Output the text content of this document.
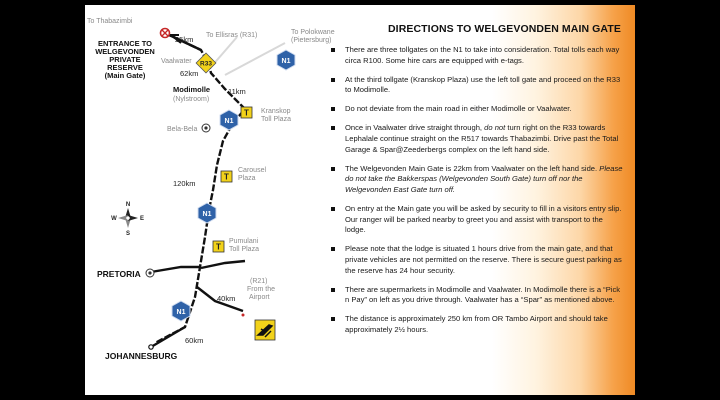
R33	N1
N1
N1
N1
T
T
T
N
S
W	E
To Thabazimbi
To Ellisras (R31)	To Polokwane
(Pietersburg)
25km
ENTRANCE TO
WELGEVONDEN
PRIVATE
RESERVE
(Main Gate)
Vaalwater
62km
Modimolle
(Nylstroom)
11km
Kranskop
Toll Plaza
Bela-Bela
Carousel
Plaza
120km
Pumulani
Toll Plaza
PRETORIA
(R21)
From the
Airport
40km
60km
JOHANNESBURG
DIRECTIONS TO WELGEVONDEN MAIN GATE
There are three tollgates on the N1 to take into consideration. Total tolls each way circa R100. Some hire cars are equipped with e-tags.
At the third tollgate (Kranskop Plaza) use the left toll gate and proceed on the R33 to Modimolle.
Do not deviate from the main road in either Modimolle or Vaalwater.
Once in Vaalwater drive straight through, do not turn right on the R33 towards Lephalale continue straight on the R517 towards Thabazimbi. Drive past the Total Garage & Spar@Zeederbergs complex on the left hand side.
The Welgevonden Main Gate is 22km from Vaalwater on the left hand side. Please do not take the Bakkerspas (Welgevonden South Gate) turn off nor the Welgevonden East Gate turn off.
On entry at the Main gate you will be asked by security to fill in a visitors entry slip. Our ranger will be parked nearby to greet you and assist with transport to the lodge.
Please note that the lodge is situated 1 hours drive from the main gate, and that private vehicles are not permitted on the reserve. There is secure guest parking as the reserve has 24 hour security.
There are supermarkets in Modimolle and Vaalwater. In Modimolle there is a “Pick n Pay” on left as you drive through. Vaalwater has a “Spar” as mentioned above.
The distance is approximately 250 km from OR Tambo Airport and should take approximately 2½ hours.
